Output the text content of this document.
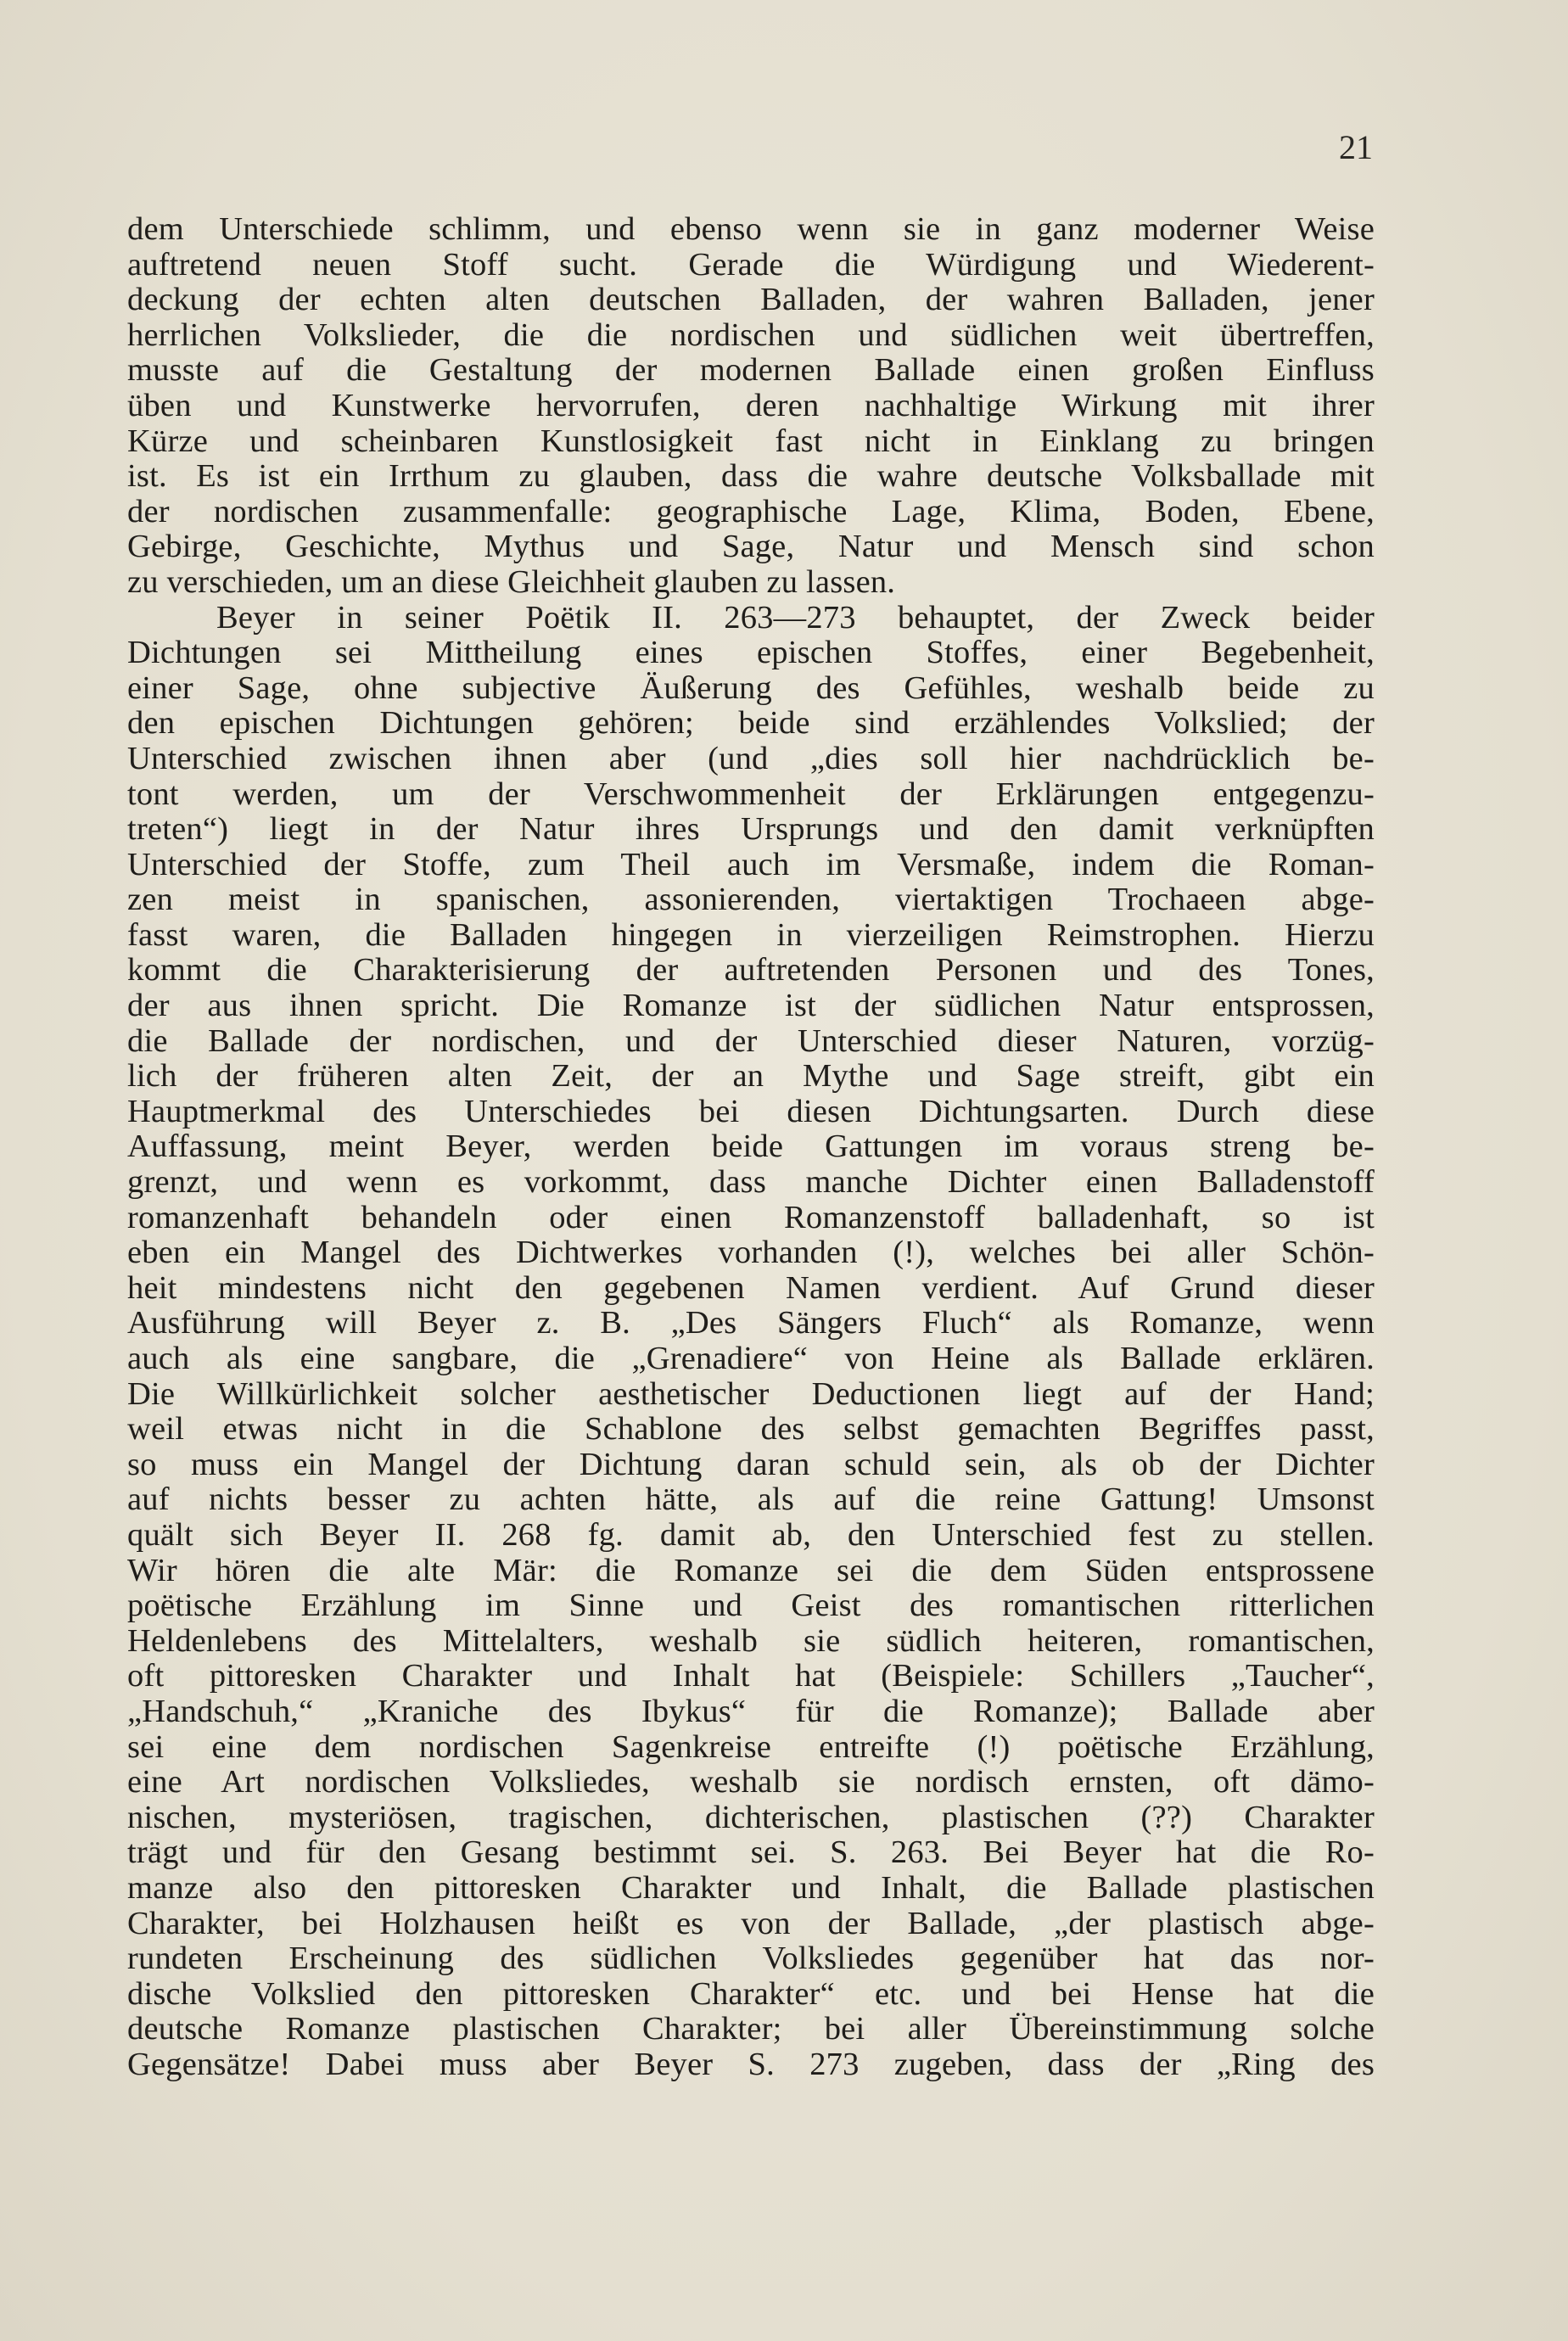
21
dem Unterschiede schlimm, und ebenso wenn sie in ganz moderner Weise
auftretend neuen Stoff sucht. Gerade die Würdigung und Wiederent-
deckung der echten alten deutschen Balladen, der wahren Balladen, jener
herrlichen Volkslieder, die die nordischen und südlichen weit übertreffen,
musste auf die Gestaltung der modernen Ballade einen großen Einfluss
üben und Kunstwerke hervorrufen, deren nachhaltige Wirkung mit ihrer
Kürze und scheinbaren Kunstlosigkeit fast nicht in Einklang zu bringen
ist. Es ist ein Irrthum zu glauben, dass die wahre deutsche Volksballade mit
der nordischen zusammenfalle: geographische Lage, Klima, Boden, Ebene,
Gebirge, Geschichte, Mythus und Sage, Natur und Mensch sind schon
zu verschieden, um an diese Gleichheit glauben zu lassen.
Beyer in seiner Poëtik II. 263—273 behauptet, der Zweck beider
Dichtungen sei Mittheilung eines epischen Stoffes, einer Begebenheit,
einer Sage, ohne subjective Äußerung des Gefühles, weshalb beide zu
den epischen Dichtungen gehören; beide sind erzählendes Volkslied; der
Unterschied zwischen ihnen aber (und „dies soll hier nachdrücklich be-
tont werden, um der Verschwommenheit der Erklärungen entgegenzu-
treten“) liegt in der Natur ihres Ursprungs und den damit verknüpften
Unterschied der Stoffe, zum Theil auch im Versmaße, indem die Roman-
zen meist in spanischen, assonierenden, viertaktigen Trochaeen abge-
fasst waren, die Balladen hingegen in vierzeiligen Reimstrophen. Hierzu
kommt die Charakterisierung der auftretenden Personen und des Tones,
der aus ihnen spricht. Die Romanze ist der südlichen Natur entsprossen,
die Ballade der nordischen, und der Unterschied dieser Naturen, vorzüg-
lich der früheren alten Zeit, der an Mythe und Sage streift, gibt ein
Hauptmerkmal des Unterschiedes bei diesen Dichtungsarten. Durch diese
Auffassung, meint Beyer, werden beide Gattungen im voraus streng be-
grenzt, und wenn es vorkommt, dass manche Dichter einen Balladenstoff
romanzenhaft behandeln oder einen Romanzenstoff balladenhaft, so ist
eben ein Mangel des Dichtwerkes vorhanden (!), welches bei aller Schön-
heit mindestens nicht den gegebenen Namen verdient. Auf Grund dieser
Ausführung will Beyer z. B. „Des Sängers Fluch“ als Romanze, wenn
auch als eine sangbare, die „Grenadiere“ von Heine als Ballade erklären.
Die Willkürlichkeit solcher aesthetischer Deductionen liegt auf der Hand;
weil etwas nicht in die Schablone des selbst gemachten Begriffes passt,
so muss ein Mangel der Dichtung daran schuld sein, als ob der Dichter
auf nichts besser zu achten hätte, als auf die reine Gattung! Umsonst
quält sich Beyer II. 268 fg. damit ab, den Unterschied fest zu stellen.
Wir hören die alte Mär: die Romanze sei die dem Süden entsprossene
poëtische Erzählung im Sinne und Geist des romantischen ritterlichen
Heldenlebens des Mittelalters, weshalb sie südlich heiteren, romantischen,
oft pittoresken Charakter und Inhalt hat (Beispiele: Schillers „Taucher“,
„Handschuh,“ „Kraniche des Ibykus“ für die Romanze); Ballade aber
sei eine dem nordischen Sagenkreise entreifte (!) poëtische Erzählung,
eine Art nordischen Volksliedes, weshalb sie nordisch ernsten, oft dämo-
nischen, mysteriösen, tragischen, dichterischen, plastischen (??) Charakter
trägt und für den Gesang bestimmt sei. S. 263. Bei Beyer hat die Ro-
manze also den pittoresken Charakter und Inhalt, die Ballade plastischen
Charakter, bei Holzhausen heißt es von der Ballade, „der plastisch abge-
rundeten Erscheinung des südlichen Volksliedes gegenüber hat das nor-
dische Volkslied den pittoresken Charakter“ etc. und bei Hense hat die
deutsche Romanze plastischen Charakter; bei aller Übereinstimmung solche
Gegensätze! Dabei muss aber Beyer S. 273 zugeben, dass der „Ring des
